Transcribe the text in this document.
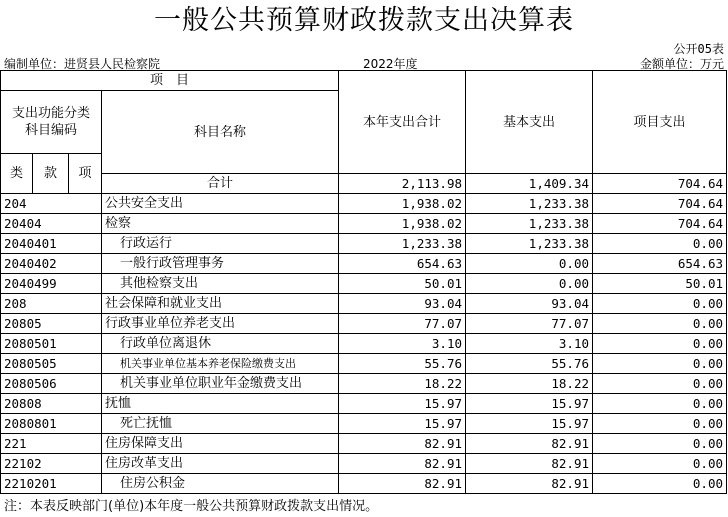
一般公共预算财政拨款支出决算表
公开05表
编制单位：进贤县人民检察院	2022年度	金额单位：万元
项　目				本年支出合计	基本支出	项目支出	
支出功能分类
科目编码			科目名称				
类	款	项				
			合计	2,113.98	1,409.34	704.64	
204			公共安全支出	1,938.02	1,233.38	704.64	
20404			检察	1,938.02	1,233.38	704.64	
2040401			行政运行	1,233.38	1,233.38	0.00	
2040402			一般行政管理事务	654.63	0.00	654.63	
2040499			其他检察支出	50.01	0.00	50.01	
208			社会保障和就业支出	93.04	93.04	0.00	
20805			行政事业单位养老支出	77.07	77.07	0.00	
2080501			行政单位离退休	3.10	3.10	0.00	
2080505			机关事业单位基本养老保险缴费支出	55.76	55.76	0.00	
2080506			机关事业单位职业年金缴费支出	18.22	18.22	0.00	
20808			抚恤	15.97	15.97	0.00	
2080801			死亡抚恤	15.97	15.97	0.00	
221			住房保障支出	82.91	82.91	0.00	
22102			住房改革支出	82.91	82.91	0.00	
2210201			住房公积金	82.91	82.91	0.00	
注：本表反映部门(单位)本年度一般公共预算财政拨款支出情况。
